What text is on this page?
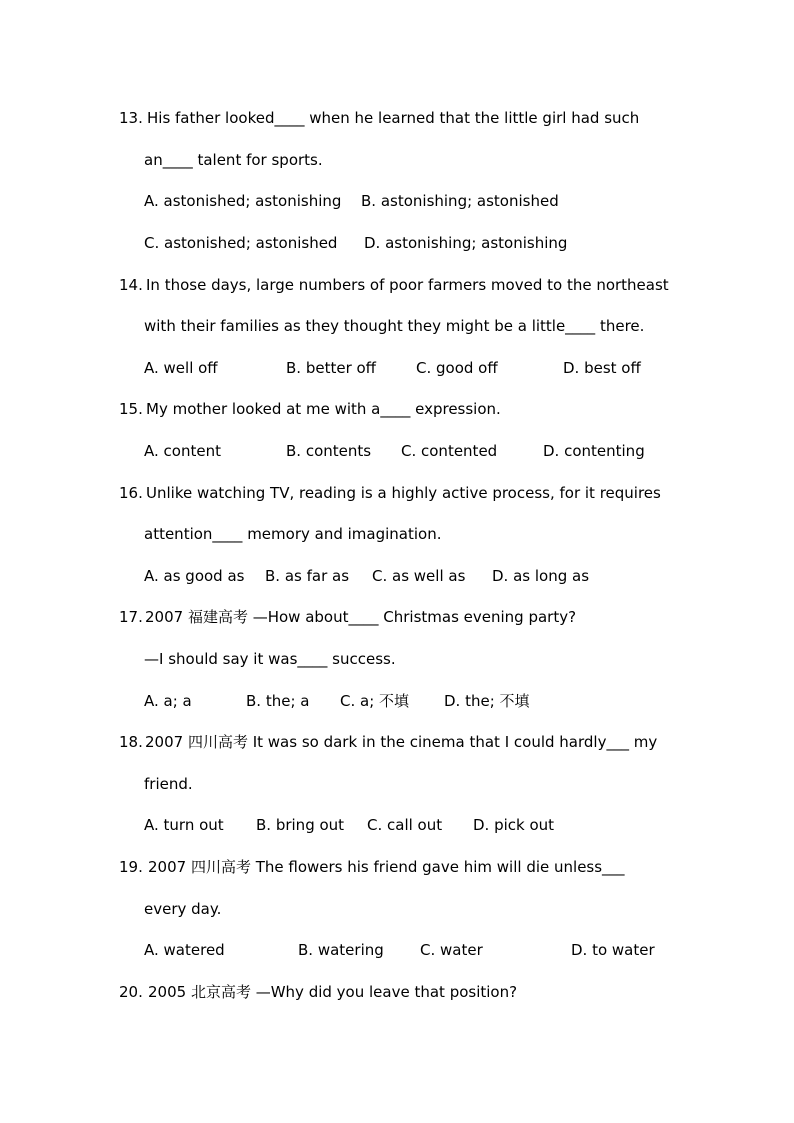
13. His father looked____ when he learned that the little girl had such
an____ talent for sports.
A. astonished; astonishing B. astonishing; astonished
C. astonished; astonished D. astonishing; astonishing
14. In those days, large numbers of poor farmers moved to the northeast
with their families as they thought they might be a little____ there.
A. well off	B. better off	C. good off	D. best off
15. My mother looked at me with a____ expression.
A. content	B. contents C. contented	D. contenting
16. Unlike watching TV, reading is a highly active process, for it requires
attention____ memory and imagination.
A. as good as B. as far as C. as well as D. as long as
17. 2007 福建高考 —How about____ Christmas evening party?
—I should say it was____ success.
A. a; a	B. the; a C. a; 不填 D. the; 不填
18. 2007 四川高考 It was so dark in the cinema that I could hardly___ my
friend.
A. turn out B. bring out C. call out D. pick out
19. 2007 四川高考 The flowers his friend gave him will die unless___
every day.
A. watered	B. watering C. water	D. to water
20. 2005 北京高考 —Why did you leave that position?
